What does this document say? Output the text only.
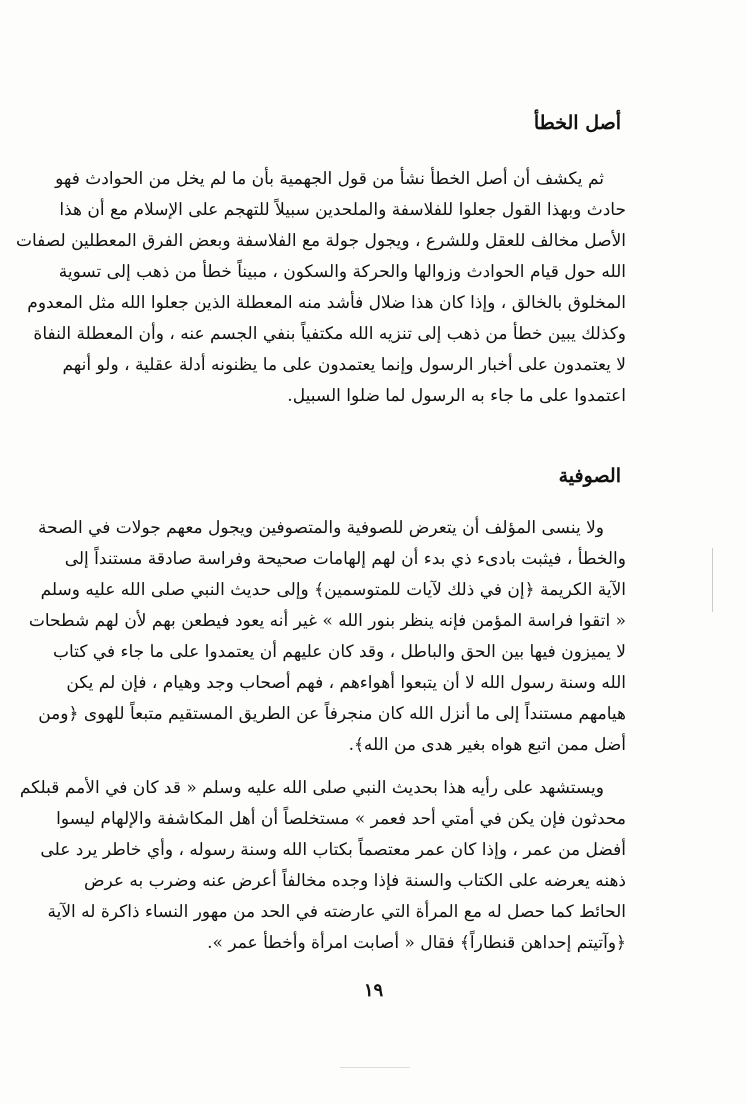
أصل الخطأ
ثم يكشف أن أصل الخطأ نشأ من قول الجهمية بأن ما لم يخل من الحوادث فهو
حادث وبهذا القول جعلوا للفلاسفة والملحدين سبيلاً للتهجم على الإسلام مع أن هذا
الأصل مخالف للعقل وللشرع ، ويجول جولة مع الفلاسفة وبعض الفرق المعطلين لصفات
الله حول قيام الحوادث وزوالها والحركة والسكون ، مبيناً خطأ من ذهب إلى تسوية
المخلوق بالخالق ، وإذا كان هذا ضلال فأشد منه المعطلة الذين جعلوا الله مثل المعدوم
وكذلك يبين خطأ من ذهب إلى تنزيه الله مكتفياً بنفي الجسم عنه ، وأن المعطلة النفاة
لا يعتمدون على أخبار الرسول وإنما يعتمدون على ما يظنونه أدلة عقلية ، ولو أنهم
اعتمدوا على ما جاء به الرسول لما ضلوا السبيل.
الصوفية
ولا ينسى المؤلف أن يتعرض للصوفية والمتصوفين ويجول معهم جولات في الصحة
والخطأ ، فيثبت بادىء ذي بدء أن لهم إلهامات صحيحة وفراسة صادقة مستنداً إلى
الآية الكريمة ﴿إن في ذلك لآيات للمتوسمين﴾ وإلى حديث النبي صلى الله عليه وسلم
« اتقوا فراسة المؤمن فإنه ينظر بنور الله » غير أنه يعود فيطعن بهم لأن لهم شطحات
لا يميزون فيها بين الحق والباطل ، وقد كان عليهم أن يعتمدوا على ما جاء في كتاب
الله وسنة رسول الله لا أن يتبعوا أهواءهم ، فهم أصحاب وجد وهيام ، فإن لم يكن
هيامهم مستنداً إلى ما أنزل الله كان منجرفاً عن الطريق المستقيم متبعاً للهوى ﴿ومن
أضل ممن اتبع هواه بغير هدى من الله﴾.
ويستشهد على رأيه هذا بحديث النبي صلى الله عليه وسلم « قد كان في الأمم قبلكم
محدثون فإن يكن في أمتي أحد فعمر » مستخلصاً أن أهل المكاشفة والإلهام ليسوا
أفضل من عمر ، وإذا كان عمر معتصماً بكتاب الله وسنة رسوله ، وأي خاطر يرد على
ذهنه يعرضه على الكتاب والسنة فإذا وجده مخالفاً أعرض عنه وضرب به عرض
الحائط كما حصل له مع المرأة التي عارضته في الحد من مهور النساء ذاكرة له الآية
﴿وآتيتم إحداهن قنطاراً﴾ فقال « أصابت امرأة وأخطأ عمر ».
١٩
